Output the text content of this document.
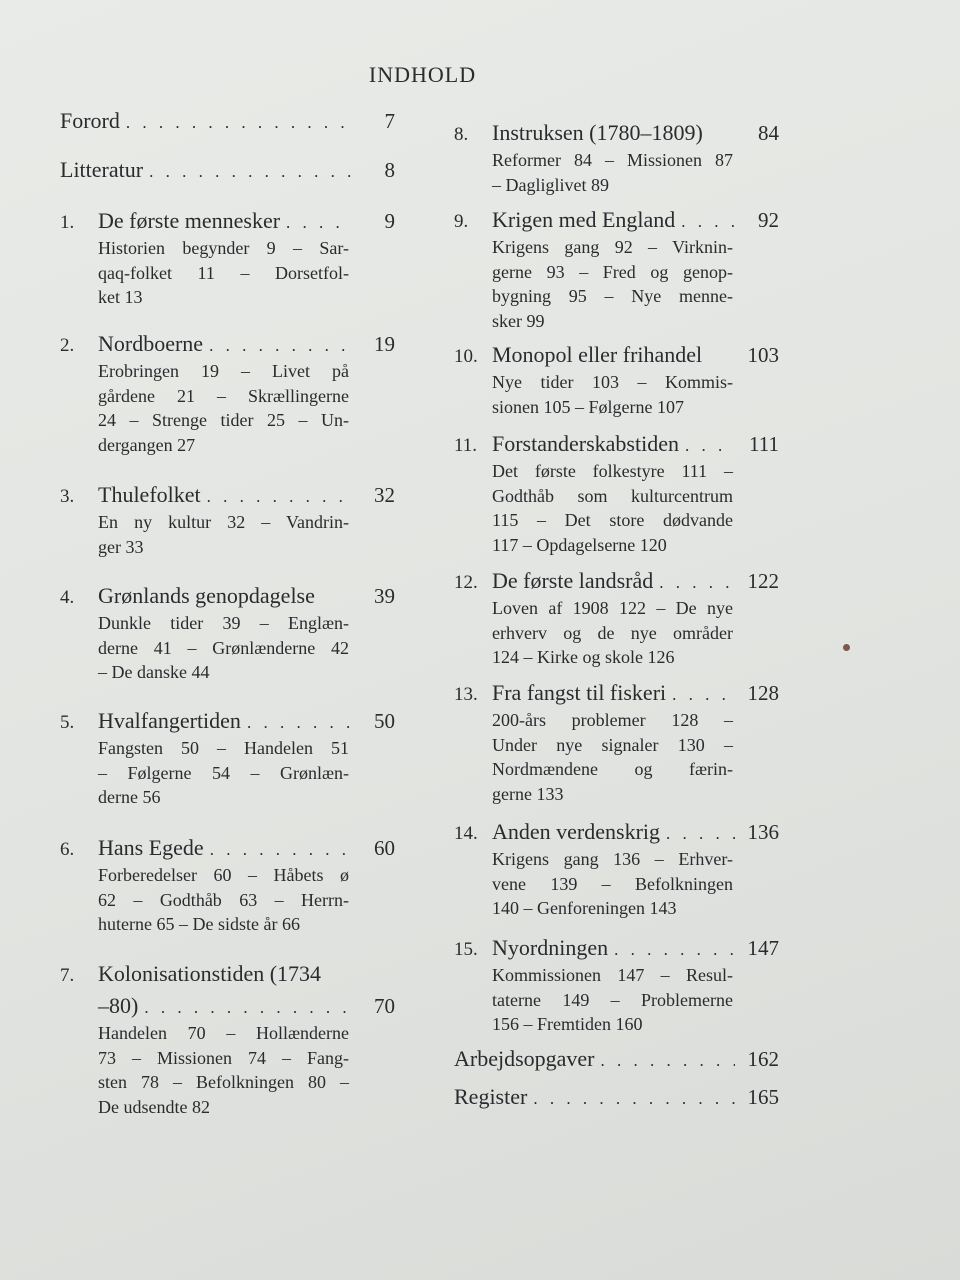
INDHOLD
Forord . . .	7
Litteratur . . .	8
1.	De første mennesker . . .	9
Historien begynder 9 – Sar-
qaq-folket 11 – Dorsetfol-
ket 13
2.	Nordboerne . . .	19
Erobringen 19 – Livet på
gårdene 21 – Skrællingerne
24 – Strenge tider 25 – Un-
dergangen 27
3.	Thulefolket . . .	32
En ny kultur 32 – Vandrin-
ger 33
4.	Grønlands genopdagelse	39
Dunkle tider 39 – Englæn-
derne 41 – Grønlænderne 42
– De danske 44
5.	Hvalfangertiden . . .	50
Fangsten 50 – Handelen 51
– Følgerne 54 – Grønlæn-
derne 56
6.	Hans Egede . . .	60
Forberedelser 60 – Håbets ø
62 – Godthåb 63 – Herrn-
huterne 65 – De sidste år 66
7.	Kolonisationstiden (1734
–80) . . .	70
Handelen 70 – Hollænderne
73 – Missionen 74 – Fang-
sten 78 – Befolkningen 80 –
De udsendte 82
8.	Instruksen (1780–1809)	84
Reformer 84 – Missionen 87
– Dagliglivet 89
9.	Krigen med England . . .	92
Krigens gang 92 – Virknin-
gerne 93 – Fred og genop-
bygning 95 – Nye menne-
sker 99
10. Monopol eller frihandel	103
Nye tider 103 – Kommis-
sionen 105 – Følgerne 107
11. Forstanderskabstiden . . .	111
Det første folkestyre 111 –
Godthåb som kulturcentrum
115 – Det store dødvande
117 – Opdagelserne 120
12. De første landsråd . . .	122
Loven af 1908 122 – De nye
erhverv og de nye områder
124 – Kirke og skole 126
13. Fra fangst til fiskeri . . .	128
200-års problemer 128 –
Under nye signaler 130 –
Nordmændene og færin-
gerne 133
14. Anden verdenskrig . . .	136
Krigens gang 136 – Erhver-
vene 139 – Befolkningen
140 – Genforeningen 143
15. Nyordningen . . .	147
Kommissionen 147 – Resul-
taterne 149 – Problemerne
156 – Fremtiden 160
Arbejdsopgaver . . .	162
Register . . .	165
